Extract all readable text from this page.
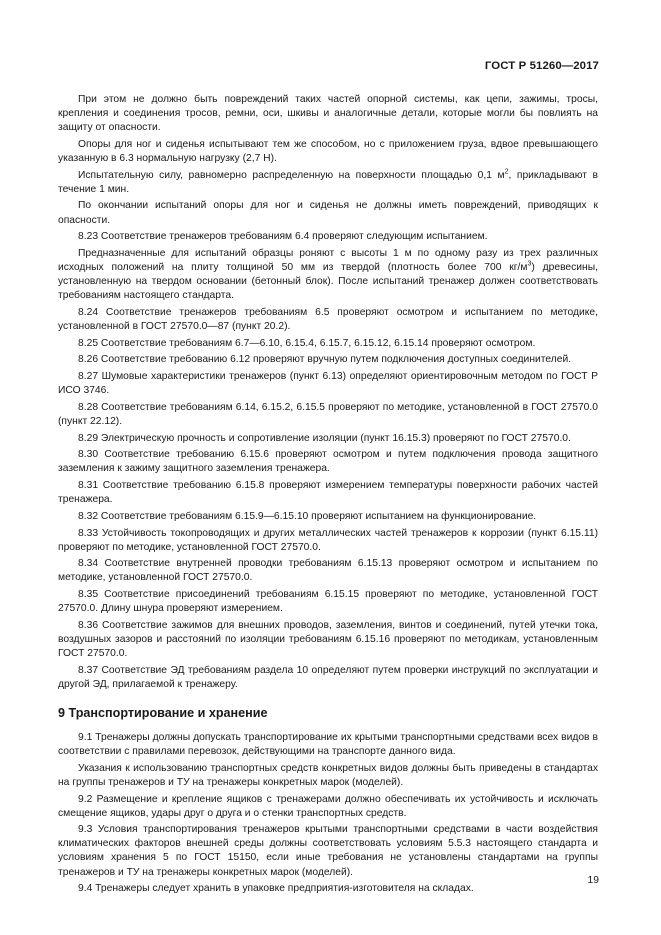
ГОСТ Р 51260—2017

При этом не должно быть повреждений таких частей опорной системы, как цепи, зажимы, тросы, крепления и соединения тросов, ремни, оси, шкивы и аналогичные детали, которые могли бы повлиять на защиту от опасности.

Опоры для ног и сиденья испытывают тем же способом, но с приложением груза, вдвое превышающего указанную в 6.3 нормальную нагрузку (2,7 Н).

Испытательную силу, равномерно распределенную на поверхности площадью 0,1 $м^2$, прикладывают в течение 1 мин.

По окончании испытаний опоры для ног и сиденья не должны иметь повреждений, приводящих к опасности.

8.23 Соответствие тренажеров требованиям 6.4 проверяют следующим испытанием.

Предназначенные для испытаний образцы роняют с высоты 1 м по одному разу из трех различных исходных положений на плиту толщиной 50 мм из твердой (плотность более 700 $кг/м^3$) древесины, установленную на твердом основании (бетонный блок). После испытаний тренажер должен соответствовать требованиям настоящего стандарта.

8.24 Соответствие тренажеров требованиям 6.5 проверяют осмотром и испытанием по методике, установленной в ГОСТ 27570.0—87 (пункт 20.2).

8.25 Соответствие требованиям 6.7—6.10, 6.15.4, 6.15.7, 6.15.12, 6.15.14 проверяют осмотром.

8.26 Соответствие требованию 6.12 проверяют вручную путем подключения доступных соединителей.

8.27 Шумовые характеристики тренажеров (пункт 6.13) определяют ориентировочным методом по ГОСТ Р ИСО 3746.

8.28 Соответствие требованиям 6.14, 6.15.2, 6.15.5 проверяют по методике, установленной в ГОСТ 27570.0 (пункт 22.12).

8.29 Электрическую прочность и сопротивление изоляции (пункт 16.15.3) проверяют по ГОСТ 27570.0.

8.30 Соответствие требованию 6.15.6 проверяют осмотром и путем подключения провода защитного заземления к зажиму защитного заземления тренажера.

8.31 Соответствие требованию 6.15.8 проверяют измерением температуры поверхности рабочих частей тренажера.

8.32 Соответствие требованиям 6.15.9—6.15.10 проверяют испытанием на функционирование.

8.33 Устойчивость токопроводящих и других металлических частей тренажеров к коррозии (пункт 6.15.11) проверяют по методике, установленной ГОСТ 27570.0.

8.34 Соответствие внутренней проводки требованиям 6.15.13 проверяют осмотром и испытанием по методике, установленной ГОСТ 27570.0.

8.35 Соответствие присоединений требованиям 6.15.15 проверяют по методике, установленной ГОСТ 27570.0. Длину шнура проверяют измерением.

8.36 Соответствие зажимов для внешних проводов, заземления, винтов и соединений, путей утечки тока, воздушных зазоров и расстояний по изоляции требованиям 6.15.16 проверяют по методикам, установленным ГОСТ 27570.0.

8.37 Соответствие ЭД требованиям раздела 10 определяют путем проверки инструкций по эксплуатации и другой ЭД, прилагаемой к тренажеру.

9 Транспортирование и хранение

9.1 Тренажеры должны допускать транспортирование их крытыми транспортными средствами всех видов в соответствии с правилами перевозок, действующими на транспорте данного вида.

Указания к использованию транспортных средств конкретных видов должны быть приведены в стандартах на группы тренажеров и ТУ на тренажеры конкретных марок (моделей).

9.2 Размещение и крепление ящиков с тренажерами должно обеспечивать их устойчивость и исключать смещение ящиков, удары друг о друга и о стенки транспортных средств.

9.3 Условия транспортирования тренажеров крытыми транспортными средствами в части воздействия климатических факторов внешней среды должны соответствовать условиям 5.5.3 настоящего стандарта и условиям хранения 5 по ГОСТ 15150, если иные требования не установлены стандартами на группы тренажеров и ТУ на тренажеры конкретных марок (моделей).

9.4 Тренажеры следует хранить в упаковке предприятия-изготовителя на складах.

19
